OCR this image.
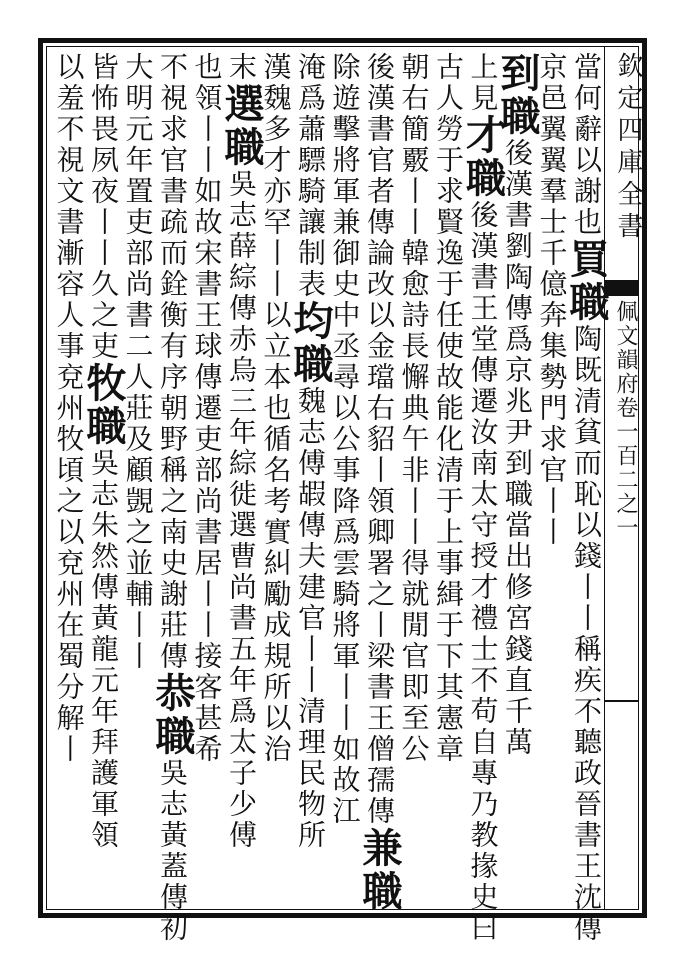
欽定四庫全書
佩文韻府卷一百二之一
當何辭以謝也買職陶既清貧而恥以錢丨丨稱疾不聽政晉書王沈傳
京邑翼翼羣士千億奔集勢門求官丨丨
到職後漢書劉陶傳爲京兆尹到職當出修宮錢直千萬
上見才職後漢書王堂傳遷汝南太守授才禮士不苟自專乃教掾史曰
古人勞于求賢逸于任使故能化清于上事緝于下其憲章
朝右簡覈丨丨韓愈詩長懈典午非丨丨得就閒官即至公
後漢書官者傳論改以金璫右貂丨領卿署之丨梁書王僧孺傳兼職
除遊擊將軍兼御史中丞尋以公事降爲雲騎將軍丨丨如故江
淹爲蕭驃騎讓制表均職魏志傅嘏傳夫建官丨丨清理民物所
漢魏多才亦罕丨丨以立本也循名考實糾勵成規所以治
末選職吳志薛綜傳赤烏三年綜徙選曹尚書五年爲太子少傅
也領丨丨如故宋書王球傳遷吏部尚書居丨丨接客甚希
不視求官書疏而銓衡有序朝野稱之南史謝莊傳恭職吳志黃蓋傳初
大明元年置吏部尚書二人莊及顧覬之並輔丨丨
皆怖畏夙夜丨丨久之吏牧職吳志朱然傳黃龍元年拜護軍領
以羞不視文書漸容人事兗州牧頃之以兗州在蜀分解丨
